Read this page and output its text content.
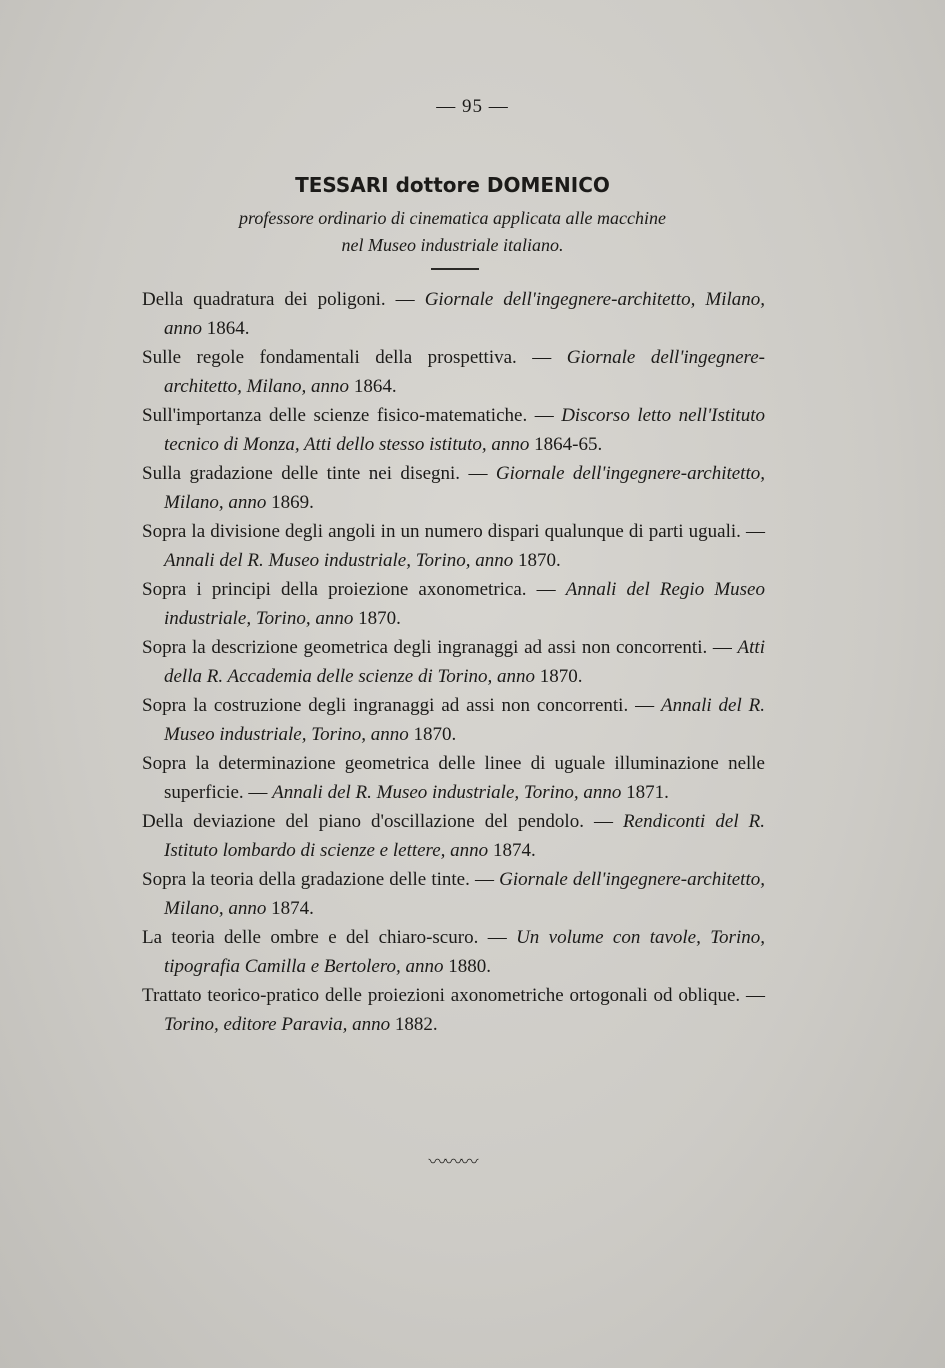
— 95 —
TESSARI dottore DOMENICO
professore ordinario di cinematica applicata alle macchine
nel Museo industriale italiano.

Della quadratura dei poligoni. — Giornale dell'ingegnere-architetto, Milano, anno 1864.

Sulle regole fondamentali della prospettiva. — Giornale dell'ingegnere-architetto, Milano, anno 1864.

Sull'importanza delle scienze fisico-matematiche. — Discorso letto nell'Istituto tecnico di Monza, Atti dello stesso istituto, anno 1864-65.

Sulla gradazione delle tinte nei disegni. — Giornale dell'ingegnere-architetto, Milano, anno 1869.

Sopra la divisione degli angoli in un numero dispari qualunque di parti uguali. — Annali del R. Museo industriale, Torino, anno 1870.

Sopra i principi della proiezione axonometrica. — Annali del Regio Museo industriale, Torino, anno 1870.

Sopra la descrizione geometrica degli ingranaggi ad assi non concorrenti. — Atti della R. Accademia delle scienze di Torino, anno 1870.

Sopra la costruzione degli ingranaggi ad assi non concorrenti. — Annali del R. Museo industriale, Torino, anno 1870.

Sopra la determinazione geometrica delle linee di uguale illuminazione nelle superficie. — Annali del R. Museo industriale, Torino, anno 1871.

Della deviazione del piano d'oscillazione del pendolo. — Rendiconti del R. Istituto lombardo di scienze e lettere, anno 1874.

Sopra la teoria della gradazione delle tinte. — Giornale dell'ingegnere-architetto, Milano, anno 1874.

La teoria delle ombre e del chiaro-scuro. — Un volume con tavole, Torino, tipografia Camilla e Bertolero, anno 1880.

Trattato teorico-pratico delle proiezioni axonometriche ortogonali od oblique. — Torino, editore Paravia, anno 1882.

〰〰〰
